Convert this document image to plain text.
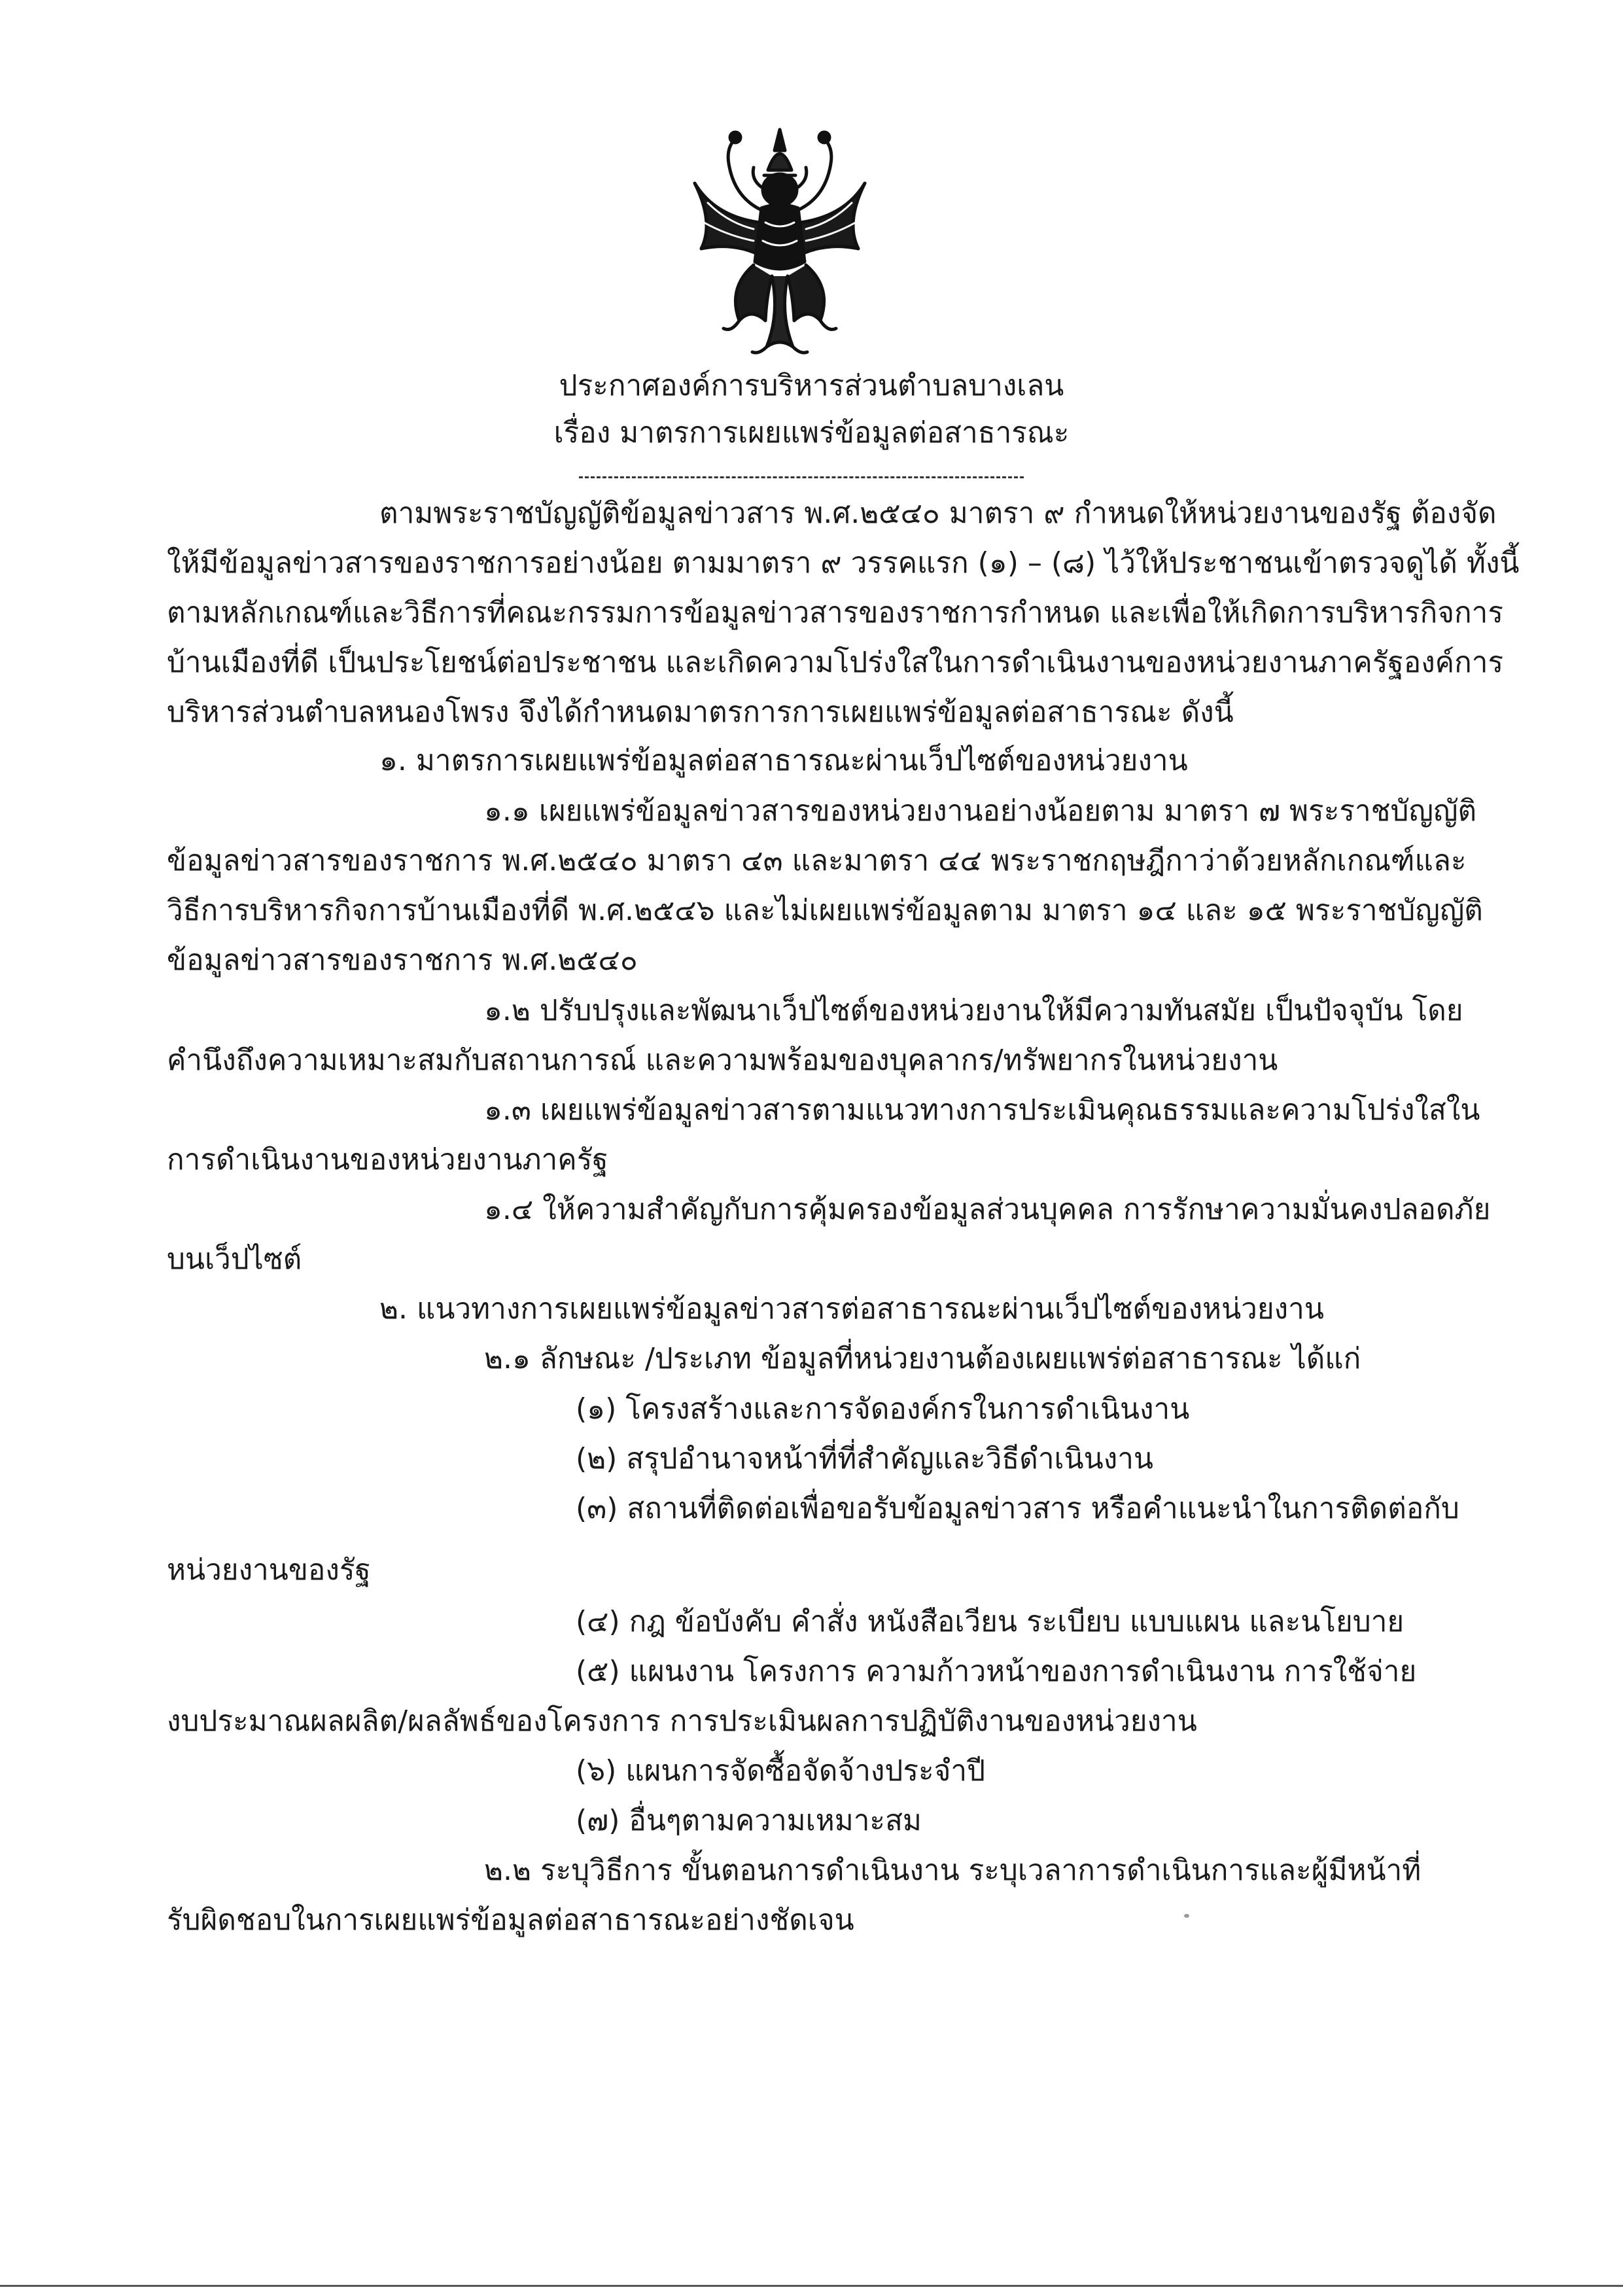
ประกาศองค์การบริหารส่วนตำบลบางเลน
เรื่อง มาตรการเผยแพร่ข้อมูลต่อสาธารณะ
ตามพระราชบัญญัติข้อมูลข่าวสาร พ.ศ.๒๕๔๐ มาตรา ๙ กำหนดให้หน่วยงานของรัฐ ต้องจัด
ให้มีข้อมูลข่าวสารของราชการอย่างน้อย ตามมาตรา ๙ วรรคแรก (๑) – (๘) ไว้ให้ประชาชนเข้าตรวจดูได้ ทั้งนี้
ตามหลักเกณฑ์และวิธีการที่คณะกรรมการข้อมูลข่าวสารของราชการกำหนด และเพื่อให้เกิดการบริหารกิจการ
บ้านเมืองที่ดี เป็นประโยชน์ต่อประชาชน และเกิดความโปร่งใสในการดำเนินงานของหน่วยงานภาครัฐองค์การ
บริหารส่วนตำบลหนองโพรง จึงได้กำหนดมาตรการการเผยแพร่ข้อมูลต่อสาธารณะ ดังนี้
๑. มาตรการเผยแพร่ข้อมูลต่อสาธารณะผ่านเว็ปไซต์ของหน่วยงาน
๑.๑ เผยแพร่ข้อมูลข่าวสารของหน่วยงานอย่างน้อยตาม มาตรา ๗ พระราชบัญญัติ
ข้อมูลข่าวสารของราชการ พ.ศ.๒๕๔๐ มาตรา ๔๓ และมาตรา ๔๔ พระราชกฤษฎีกาว่าด้วยหลักเกณฑ์และ
วิธีการบริหารกิจการบ้านเมืองที่ดี พ.ศ.๒๕๔๖ และไม่เผยแพร่ข้อมูลตาม มาตรา ๑๔ และ ๑๕ พระราชบัญญัติ
ข้อมูลข่าวสารของราชการ พ.ศ.๒๕๔๐
๑.๒ ปรับปรุงและพัฒนาเว็ปไซต์ของหน่วยงานให้มีความทันสมัย เป็นปัจจุบัน โดย
คำนึงถึงความเหมาะสมกับสถานการณ์ และความพร้อมของบุคลากร/ทรัพยากรในหน่วยงาน
๑.๓ เผยแพร่ข้อมูลข่าวสารตามแนวทางการประเมินคุณธรรมและความโปร่งใสใน
การดำเนินงานของหน่วยงานภาครัฐ
๑.๔ ให้ความสำคัญกับการคุ้มครองข้อมูลส่วนบุคคล การรักษาความมั่นคงปลอดภัย
บนเว็ปไซต์
๒. แนวทางการเผยแพร่ข้อมูลข่าวสารต่อสาธารณะผ่านเว็ปไซต์ของหน่วยงาน
๒.๑ ลักษณะ /ประเภท ข้อมูลที่หน่วยงานต้องเผยแพร่ต่อสาธารณะ ได้แก่
(๑) โครงสร้างและการจัดองค์กรในการดำเนินงาน
(๒) สรุปอำนาจหน้าที่ที่สำคัญและวิธีดำเนินงาน
(๓) สถานที่ติดต่อเพื่อขอรับข้อมูลข่าวสาร หรือคำแนะนำในการติดต่อกับ
หน่วยงานของรัฐ
(๔) กฎ ข้อบังคับ คำสั่ง หนังสือเวียน ระเบียบ แบบแผน และนโยบาย
(๕) แผนงาน โครงการ ความก้าวหน้าของการดำเนินงาน การใช้จ่าย
งบประมาณผลผลิต/ผลลัพธ์ของโครงการ การประเมินผลการปฏิบัติงานของหน่วยงาน
(๖) แผนการจัดซื้อจัดจ้างประจำปี
(๗) อื่นๆตามความเหมาะสม
๒.๒ ระบุวิธีการ ขั้นตอนการดำเนินงาน ระบุเวลาการดำเนินการและผู้มีหน้าที่
รับผิดชอบในการเผยแพร่ข้อมูลต่อสาธารณะอย่างชัดเจน
